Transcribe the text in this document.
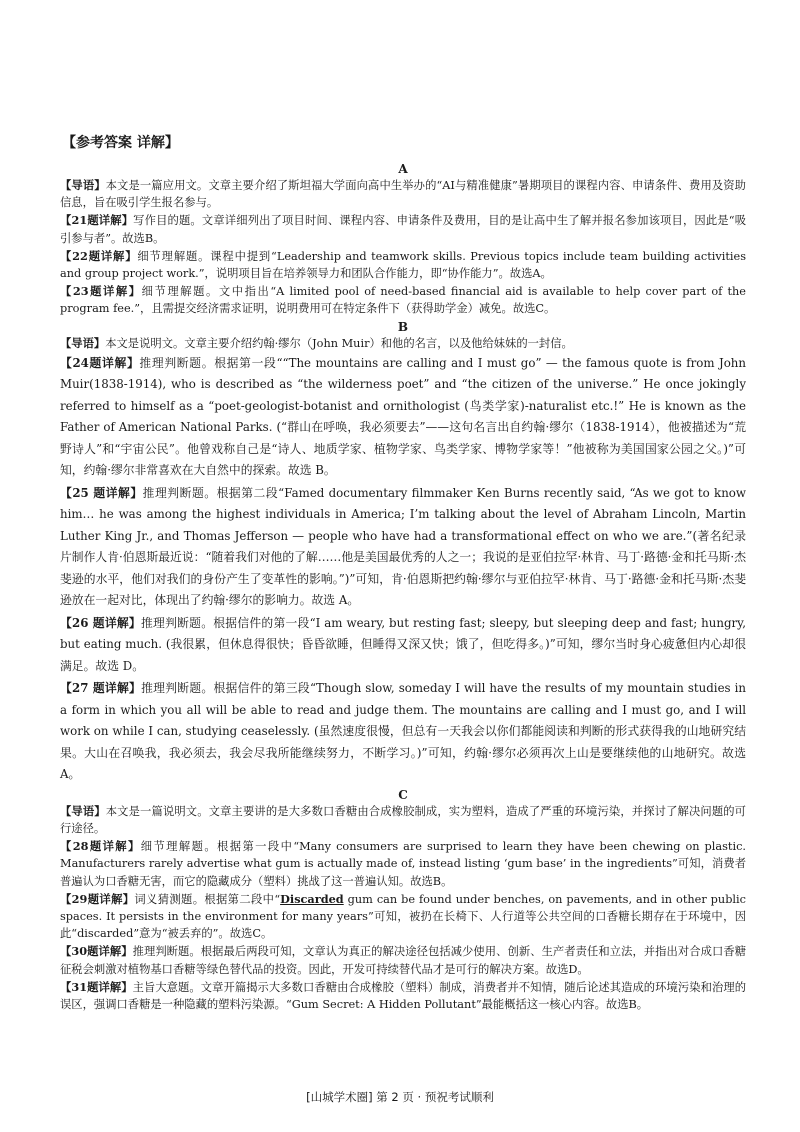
【参考答案 详解】
A

【导语】本文是一篇应用文。文章主要介绍了斯坦福大学面向高中生举办的“AI与精准健康”暑期项目的课程内容、申请条件、费用及资助信息，旨在吸引学生报名参与。

【21题详解】写作目的题。文章详细列出了项目时间、课程内容、申请条件及费用，目的是让高中生了解并报名参加该项目，因此是“吸引参与者”。故选B。

【22题详解】细节理解题。课程中提到“Leadership and teamwork skills. Previous topics include team building activities and group project work.”，说明项目旨在培养领导力和团队合作能力，即“协作能力”。故选A。

【23题详解】细节理解题。文中指出“A limited pool of need-based financial aid is available to help cover part of the program fee.”，且需提交经济需求证明，说明费用可在特定条件下（获得助学金）减免。故选C。

B

【导语】本文是说明文。文章主要介绍约翰·缪尔（John Muir）和他的名言，以及他给妹妹的一封信。

【24题详解】推理判断题。根据第一段““The mountains are calling and I must go” — the famous quote is from John Muir(1838-1914), who is described as “the wilderness poet” and “the citizen of the universe.” He once jokingly referred to himself as a “poet-geologist-botanist and ornithologist (鸟类学家)-naturalist etc.!” He is known as the Father of American National Parks. (“群山在呼唤，我必须要去”——这句名言出自约翰·缪尔（1838-1914），他被描述为“荒野诗人”和“宇宙公民”。他曾戏称自己是“诗人、地质学家、植物学家、鸟类学家、博物学家等！”他被称为美国国家公园之父。)”可知，约翰·缪尔非常喜欢在大自然中的探索。故选 B。

【25 题详解】推理判断题。根据第二段“Famed documentary filmmaker Ken Burns recently said, “As we got to know him… he was among the highest individuals in America; I’m talking about the level of Abraham Lincoln, Martin Luther King Jr., and Thomas Jefferson — people who have had a transformational effect on who we are.”(著名纪录片制作人肯·伯恩斯最近说：“随着我们对他的了解……他是美国最优秀的人之一；我说的是亚伯拉罕·林肯、马丁·路德·金和托马斯·杰斐逊的水平，他们对我们的身份产生了变革性的影响。”)”可知，肯·伯恩斯把约翰·缪尔与亚伯拉罕·林肯、马丁·路德·金和托马斯·杰斐逊放在一起对比，体现出了约翰·缪尔的影响力。故选 A。

【26 题详解】推理判断题。根据信件的第一段“I am weary, but resting fast; sleepy, but sleeping deep and fast; hungry, but eating much. (我很累，但休息得很快；昏昏欲睡，但睡得又深又快；饿了，但吃得多。)”可知，缪尔当时身心疲惫但内心却很满足。故选 D。

【27 题详解】推理判断题。根据信件的第三段“Though slow, someday I will have the results of my mountain studies in a form in which you all will be able to read and judge them. The mountains are calling and I must go, and I will work on while I can, studying ceaselessly. (虽然速度很慢，但总有一天我会以你们都能阅读和判断的形式获得我的山地研究结果。大山在召唤我，我必须去，我会尽我所能继续努力，不断学习。)”可知，约翰·缪尔必须再次上山是要继续他的山地研究。故选 A。

C

【导语】本文是一篇说明文。文章主要讲的是大多数口香糖由合成橡胶制成，实为塑料，造成了严重的环境污染，并探讨了解决问题的可行途径。

【28题详解】细节理解题。根据第一段中“Many consumers are surprised to learn they have been chewing on plastic. Manufacturers rarely advertise what gum is actually made of, instead listing ‘gum base’ in the ingredients”可知，消费者普遍认为口香糖无害，而它的隐藏成分（塑料）挑战了这一普遍认知。故选B。

【29题详解】词义猜测题。根据第二段中“Discarded gum can be found under benches, on pavements, and in other public spaces. It persists in the environment for many years”可知，被扔在长椅下、人行道等公共空间的口香糖长期存在于环境中，因此“discarded”意为“被丢弃的”。故选C。

【30题详解】推理判断题。根据最后两段可知，文章认为真正的解决途径包括减少使用、创新、生产者责任和立法，并指出对合成口香糖征税会刺激对植物基口香糖等绿色替代品的投资。因此，开发可持续替代品才是可行的解决方案。故选D。

【31题详解】主旨大意题。文章开篇揭示大多数口香糖由合成橡胶（塑料）制成，消费者并不知情，随后论述其造成的环境污染和治理的误区，强调口香糖是一种隐藏的塑料污染源。“Gum Secret: A Hidden Pollutant”最能概括这一核心内容。故选B。

[山城学术圈] 第 2 页 · 预祝考试顺利
